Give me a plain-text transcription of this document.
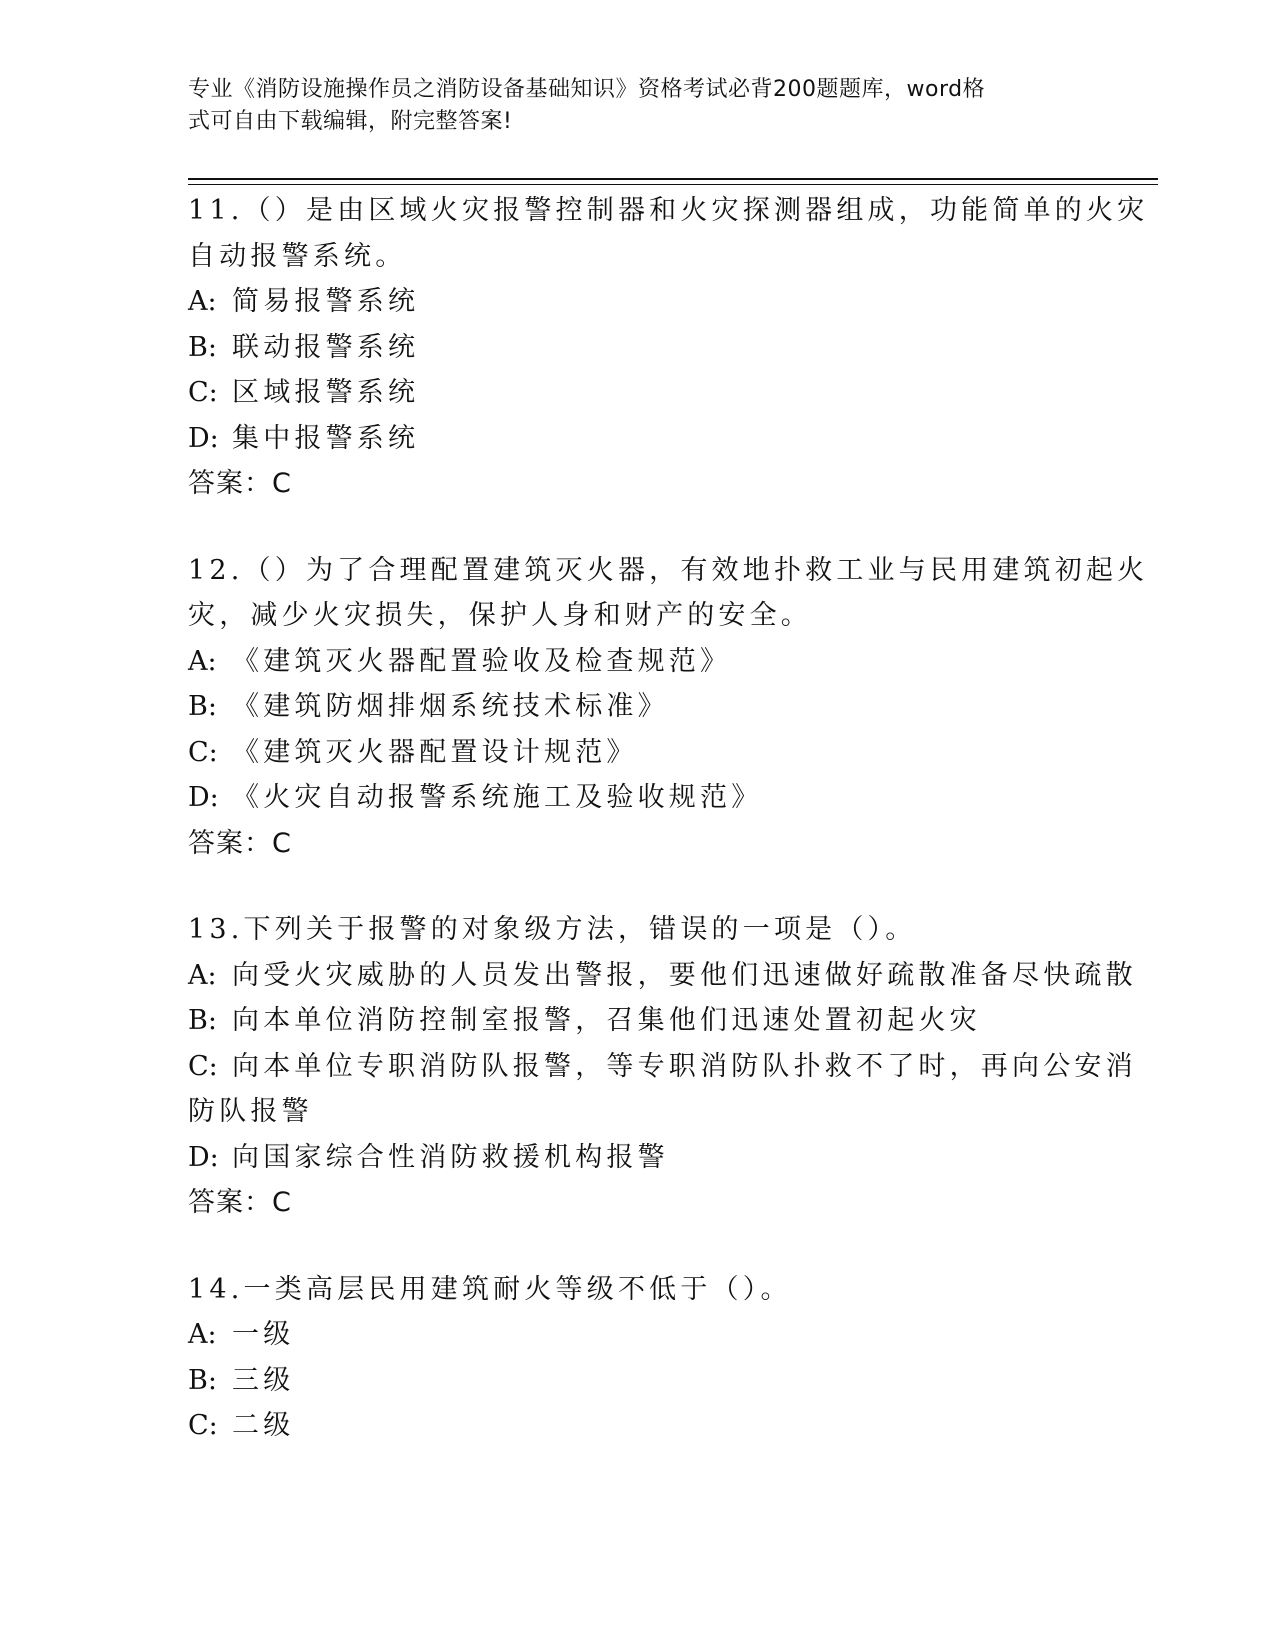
专业《消防设施操作员之消防设备基础知识》资格考试必背200题题库，word格
式可自由下载编辑，附完整答案!
11.（）是由区域火灾报警控制器和火灾探测器组成，功能简单的火灾
自动报警系统。
A: 简易报警系统
B: 联动报警系统
C: 区域报警系统
D: 集中报警系统
答案：C
12.（）为了合理配置建筑灭火器，有效地扑救工业与民用建筑初起火
灾，减少火灾损失，保护人身和财产的安全。
A: 《建筑灭火器配置验收及检查规范》
B: 《建筑防烟排烟系统技术标准》
C: 《建筑灭火器配置设计规范》
D: 《火灾自动报警系统施工及验收规范》
答案：C
13.下列关于报警的对象级方法，错误的一项是（）。
A: 向受火灾威胁的人员发出警报，要他们迅速做好疏散准备尽快疏散
B: 向本单位消防控制室报警，召集他们迅速处置初起火灾
C: 向本单位专职消防队报警，等专职消防队扑救不了时，再向公安消
防队报警
D: 向国家综合性消防救援机构报警
答案：C
14.一类高层民用建筑耐火等级不低于（）。
A: 一级
B: 三级
C: 二级
